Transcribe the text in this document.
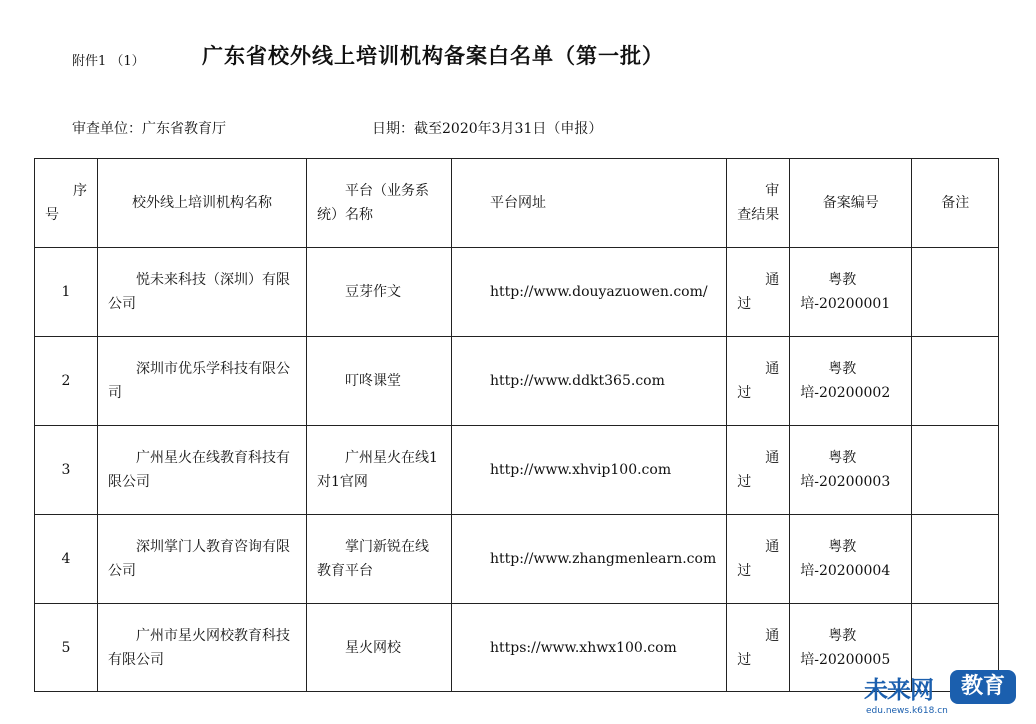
附件1 （1）	广东省校外线上培训机构备案白名单（第一批）
审查单位：广东省教育厅	日期：截至2020年3月31日（申报）
序号	校外线上培训机构名称	平台（业务系统）名称	平台网址	审查结果	备案编号	备注
1	悦未来科技（深圳）有限公司	豆芽作文	http://www.douyazuowen.com/	通过	粤教培-20200001	
2	深圳市优乐学科技有限公司	叮咚课堂	http://www.ddkt365.com	通过	粤教培-20200002	
3	广州星火在线教育科技有限公司	广州星火在线1对1官网	http://www.xhvip100.com	通过	粤教培-20200003	
4	深圳掌门人教育咨询有限公司	掌门新锐在线教育平台	http://www.zhangmenlearn.com	通过	粤教培-20200004	
5	广州市星火网校教育科技有限公司	星火网校	https://www.xhwx100.com	通过	粤教培-20200005	
未来网	教育
edu.news.k618.cn
